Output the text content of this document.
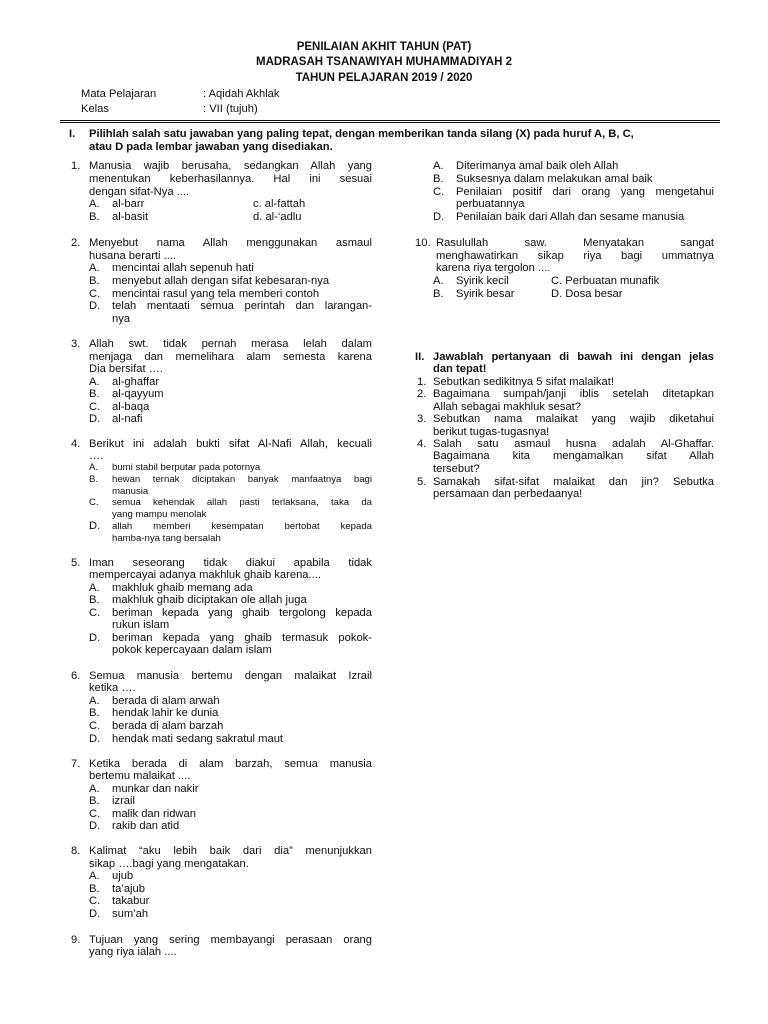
PENILAIAN AKHIT TAHUN (PAT)
MADRASAH TSANAWIYAH MUHAMMADIYAH 2
TAHUN PELAJARAN 2019 / 2020
Mata Pelajaran	: Aqidah Akhlak
Kelas	: VII (tujuh)
I. Pilihlah salah satu jawaban yang paling tepat, dengan memberikan tanda silang (X) pada huruf A, B, C,
atau D pada lembar jawaban yang disediakan.
1. Manusia wajib berusaha, sedangkan Allah yang
menentukan keberhasilannya. Hal ini sesuai
dengan sifat-Nya ....
A. al-barr	c. al-fattah
B. al-basit	d. al-‘adlu
2. Menyebut nama Allah menggunakan asmaul
husana berarti ....
A. mencintai allah sepenuh hati
B. menyebut allah dengan sifat kebesaran-nya
C. mencintai rasul yang tela memberi contoh
D. telah mentaati semua perintah dan larangan-
nya
3. Allah swt. tidak pernah merasa lelah dalam
menjaga dan memelihara alam semesta karena
Dia bersifat ….
A. al-ghaffar
B. al-qayyum
C. al-baqa
D. al-nafi
4. Berikut ini adalah bukti sifat Al-Nafi Allah, kecuali
….
A. bumi stabil berputar pada potornya
B. hewan ternak diciptakan banyak manfaatnya bagi
manusia
C. semua kehendak allah pasti terlaksana, taka da
yang mampu menolak
D. allah memberi kesempatan bertobat kepada
hamba-nya tang bersalah
5. Iman seseorang tidak diakui apabila tidak
mempercayai adanya makhluk ghaib karena....
A. makhluk ghaib memang ada
B. makhluk ghaib diciptakan ole allah juga
C. beriman kepada yang ghaib tergolong kepada
rukun islam
D. beriman kepada yang ghaib termasuk pokok-
pokok kepercayaan dalam islam
6. Semua manusia bertemu dengan malaikat Izrail
ketika ….
A. berada di alam arwah
B. hendak lahir ke dunia
C. berada di alam barzah
D. hendak mati sedang sakratul maut
7. Ketika berada di alam barzah, semua manusia
bertemu malaikat ....
A. munkar dan nakir
B. izrail
C. malik dan ridwan
D. rakib dan atid
8. Kalimat “aku lebih baik dari dia” menunjukkan
sikap ….bagi yang mengatakan.
A. ujub
B. ta’ajub
C. takabur
D. sum’ah
9. Tujuan yang sering membayangi perasaan orang
yang riya ialah ....
A. Diterimanya amal baik oleh Allah
B. Suksesnya dalam melakukan amal baik
C. Penilaian positif dari orang yang mengetahui
perbuatannya
D. Penilaian baik dari Allah dan sesame manusia
10. Rasulullah saw. Menyatakan sangat
menghawatirkan sikap riya bagi ummatnya
karena riya tergolon ....
A. Syirik kecil	C. Perbuatan munafik
B. Syirik besar	D. Dosa besar
II. Jawablah pertanyaan di bawah ini dengan jelas
dan tepat!
1. Sebutkan sedikitnya 5 sifat malaikat!
2. Bagaimana sumpah/janji iblis setelah ditetapkan
Allah sebagai makhluk sesat?
3. Sebutkan nama malaikat yang wajib diketahui
berikut tugas-tugasnya!
4. Salah satu asmaul husna adalah Al-Ghaffar.
Bagaimana kita mengamalkan sifat Allah
tersebut?
5. Samakah sifat-sifat malaikat dan jin? Sebutka
persamaan dan perbedaanya!
